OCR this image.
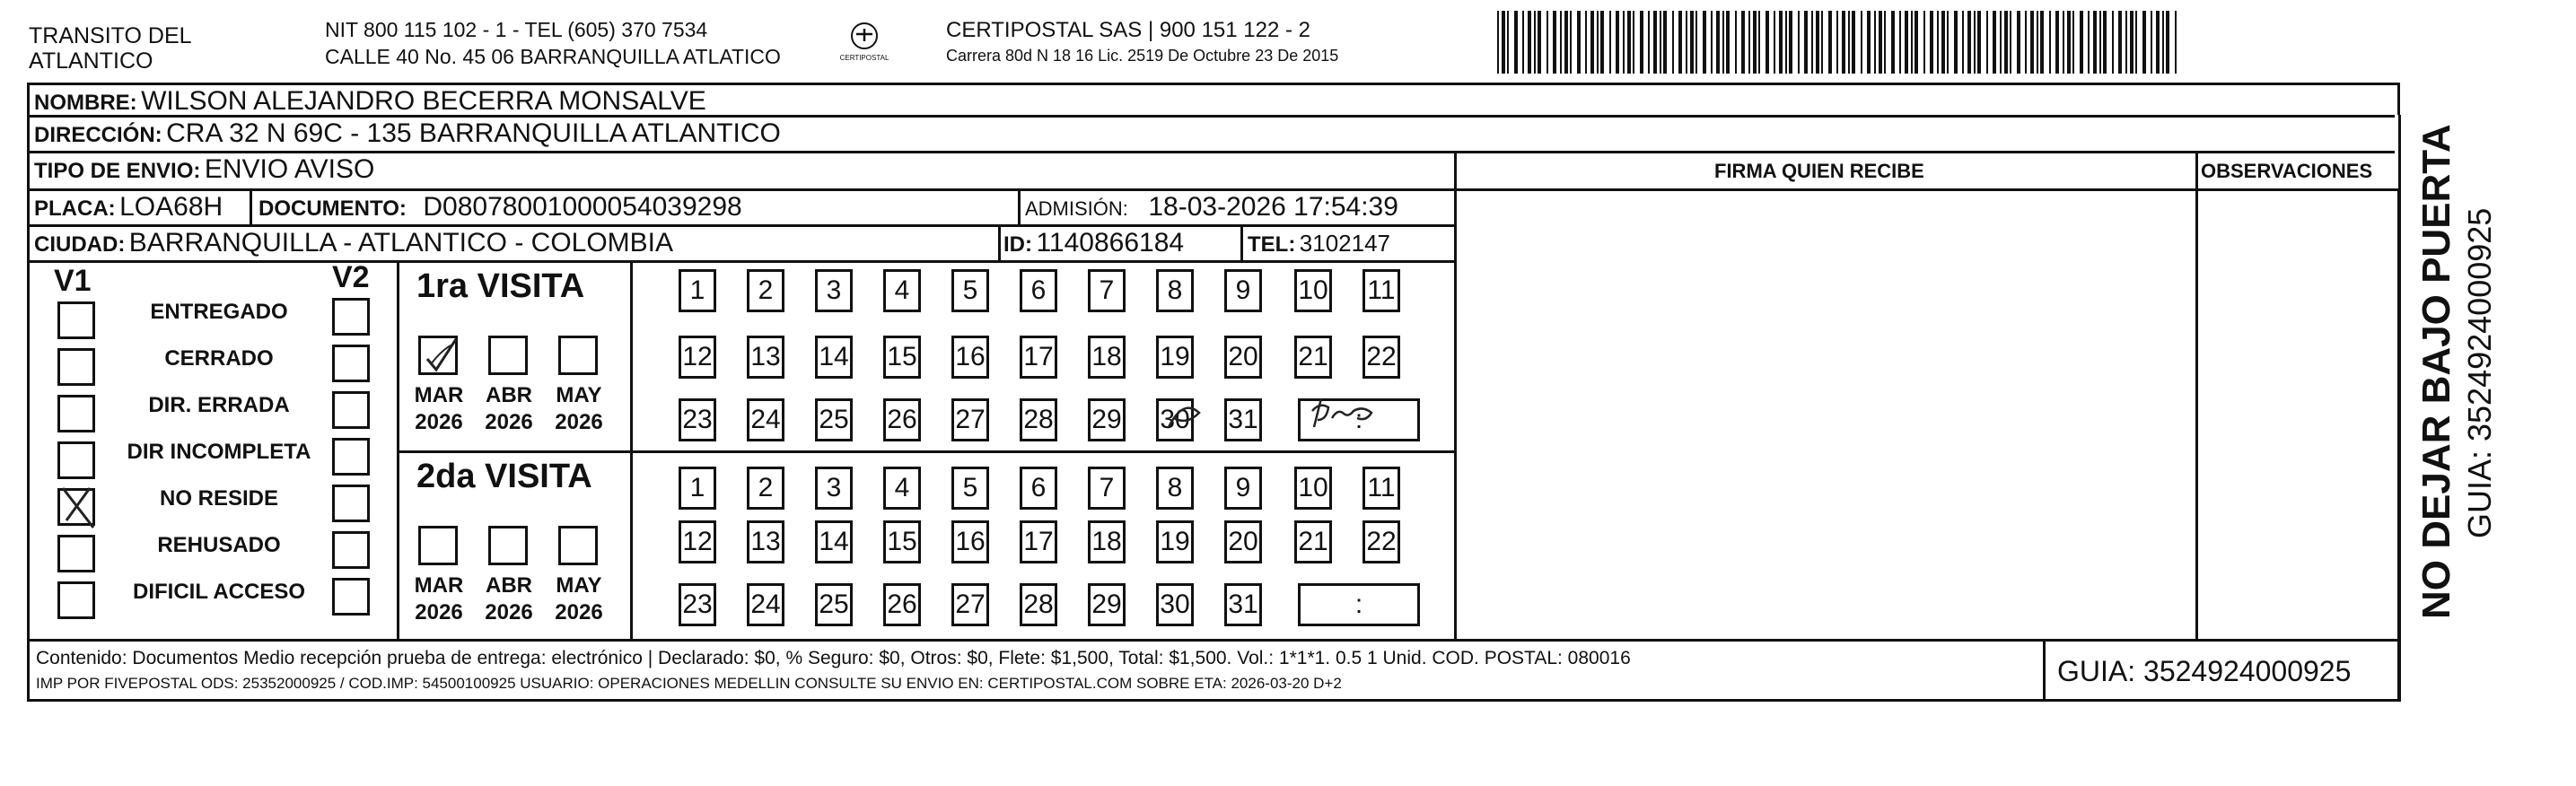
TRANSITO DEL
ATLANTICO
NIT 800 115 102 - 1 - TEL (605) 370 7534
CALLE 40 No. 45 06 BARRANQUILLA ATLATICO	CERTIPOSTAL
CERTIPOSTAL SAS | 900 151 122 - 2
Carrera 80d N 18 16 Lic. 2519 De Octubre 23 De 2015
NOMBRE: WILSON ALEJANDRO BECERRA MONSALVE
DIRECCIÓN: CRA 32 N 69C - 135 BARRANQUILLA ATLANTICO
TIPO DE ENVIO: ENVIO AVISO	FIRMA QUIEN RECIBE	OBSERVACIONES
PLACA: LOA68H DOCUMENTO: D08078001000054039298	ADMISIÓN: 18-03-2026 17:54:39
CIUDAD: BARRANQUILLA - ATLANTICO - COLOMBIA	ID: 1140866184	TEL: 3102147
V1	V2
ENTREGADO
CERRADO
DIR. ERRADA
DIR INCOMPLETA
NO RESIDE
REHUSADO
DIFICIL ACCESO
1ra VISITA
2da VISITA
MAR
2026
ABR
2026
MAY
2026
MAR
2026
ABR
2026
MAY
2026
1	2	3	4	5	6	7	8	9	10 11
12 13 14 15 16 17 18 19 20 21 22
23 24 25 26 27 28 29 30 31	:
1	2	3	4	5	6	7	8	9	10 11
12 13 14 15 16 17 18 19 20 21 22
23 24 25 26 27 28 29 30 31	:
Contenido: Documentos Medio recepción prueba de entrega: electrónico | Declarado: $0, % Seguro: $0, Otros: $0, Flete: $1,500, Total: $1,500. Vol.: 1*1*1. 0.5 1 Unid. COD. POSTAL: 080016
IMP POR FIVEPOSTAL ODS: 25352000925 / COD.IMP: 54500100925 USUARIO: OPERACIONES MEDELLIN CONSULTE SU ENVIO EN: CERTIPOSTAL.COM SOBRE ETA: 2026-03-20 D+2	GUIA: 3524924000925
NO DEJAR BAJO PUERTA GUIA: 3524924000925
